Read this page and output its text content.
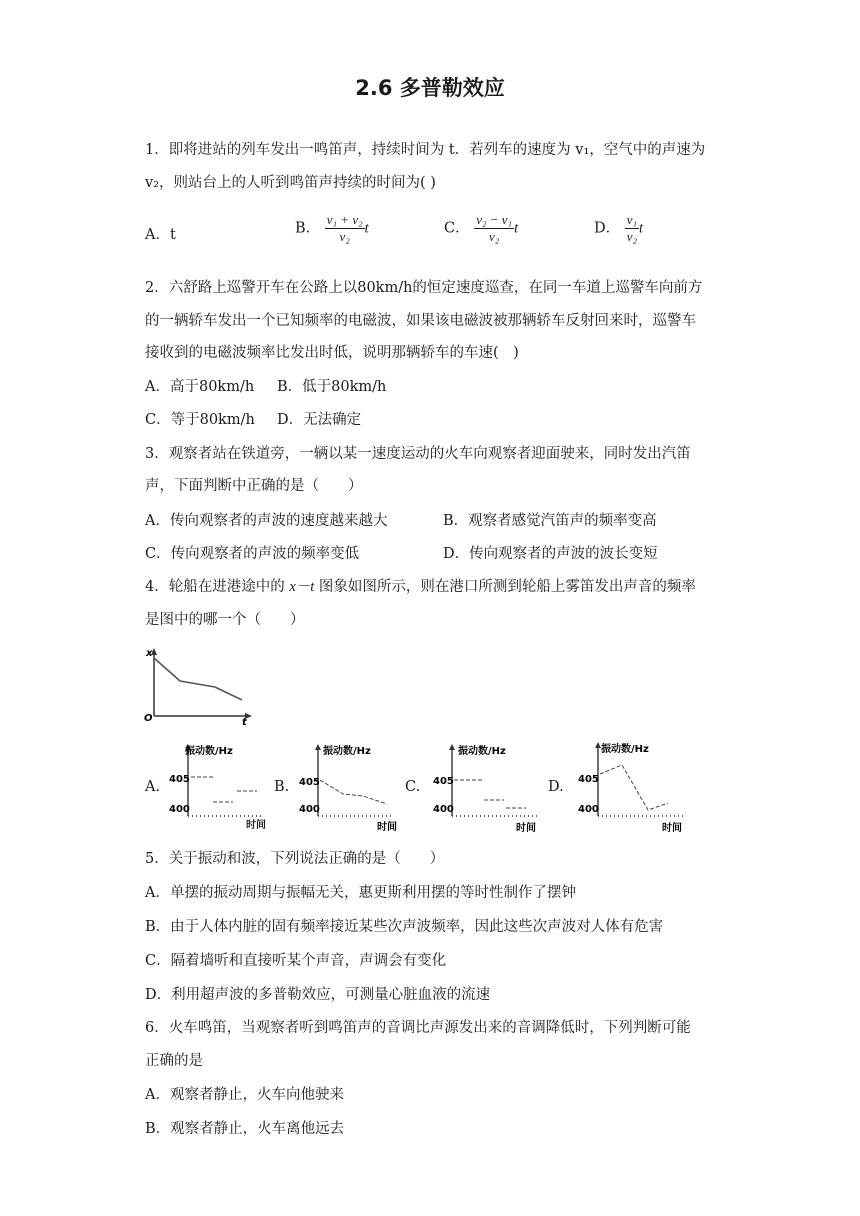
2.6 多普勒效应
1．即将进站的列车发出一鸣笛声，持续时间为 t．若列车的速度为 v₁，空气中的声速为
v₂，则站台上的人听到鸣笛声持续的时间为( )
A．t	B． $\frac{\text{v₁ + v₂}}{\text{v₂}}$ t	C． $\frac{\text{v₂ − v₁}}{\text{v₂}}$ t	D． $\frac{\text{v₁}}{\text{v₂}}$ t
2．六舒路上巡警开车在公路上以80km/h的恒定速度巡查，在同一车道上巡警车向前方
的一辆轿车发出一个已知频率的电磁波，如果该电磁波被那辆轿车反射回来时，巡警车
接收到的电磁波频率比发出时低，说明那辆轿车的车速(　)
A．高于80km/h B．低于80km/h
C．等于80km/h D．无法确定
3．观察者站在铁道旁，一辆以某一速度运动的火车向观察者迎面驶来，同时发出汽笛
声，下面判断中正确的是（　　）
A．传向观察者的声波的速度越来越大	B．观察者感觉汽笛声的频率变高
C．传向观察者的声波的频率变低	D．传向观察者的声波的波长变短
4．轮船在进港途中的 x－t 图象如图所示，则在港口所测到轮船上雾笛发出声音的频率
是图中的哪一个（　　）
x
t
O
A.	B.	C.	D.
振动数/Hz
405
400
振动数/Hz
405
400
时间
时间
振动数/Hz
405
400
时间
振动数/Hz
405
400
时间
5．关于振动和波，下列说法正确的是（　　）
A．单摆的振动周期与振幅无关，惠更斯利用摆的等时性制作了摆钟
B．由于人体内脏的固有频率接近某些次声波频率，因此这些次声波对人体有危害
C．隔着墙听和直接听某个声音，声调会有变化
D．利用超声波的多普勒效应，可测量心脏血液的流速
6．火车鸣笛，当观察者听到鸣笛声的音调比声源发出来的音调降低时，下列判断可能
正确的是
A．观察者静止，火车向他驶来
B．观察者静止，火车离他远去
